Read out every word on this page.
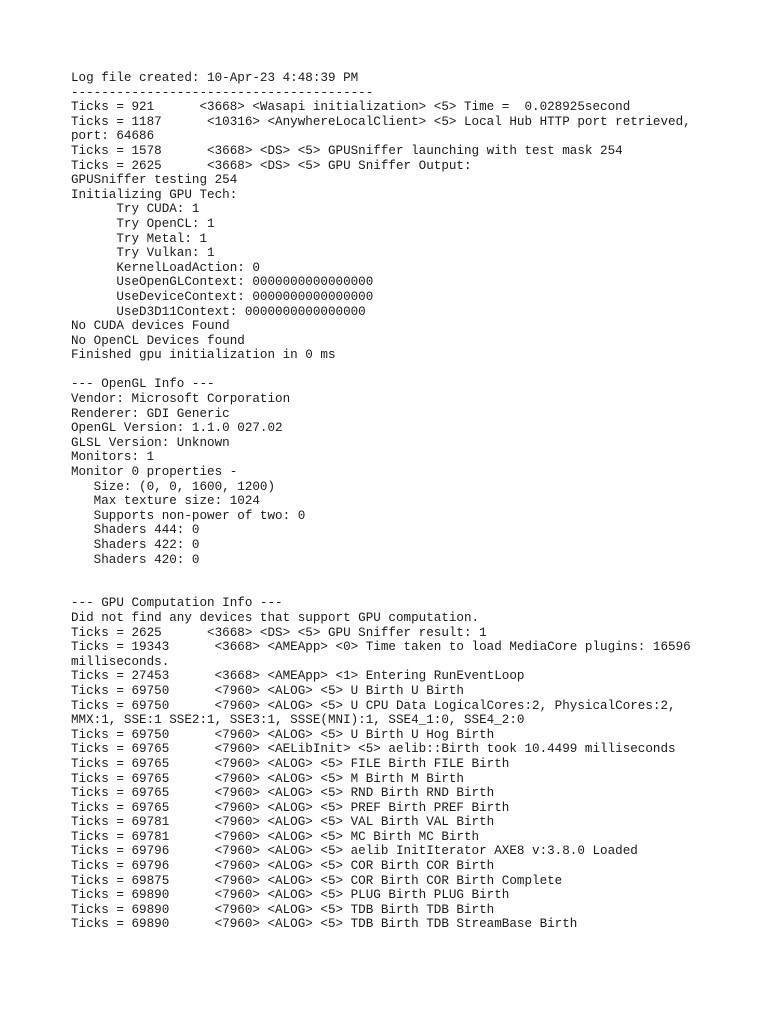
Log file created: 10-Apr-23 4:48:39 PM
----------------------------------------
Ticks = 921      <3668> <Wasapi initialization> <5> Time =  0.028925second
Ticks = 1187      <10316> <AnywhereLocalClient> <5> Local Hub HTTP port retrieved,
port: 64686
Ticks = 1578      <3668> <DS> <5> GPUSniffer launching with test mask 254
Ticks = 2625      <3668> <DS> <5> GPU Sniffer Output:
GPUSniffer testing 254
Initializing GPU Tech:
Try CUDA: 1
Try OpenCL: 1
Try Metal: 1
Try Vulkan: 1
KernelLoadAction: 0
UseOpenGLContext: 0000000000000000
UseDeviceContext: 0000000000000000
UseD3D11Context: 0000000000000000
No CUDA devices Found
No OpenCL Devices found
Finished gpu initialization in 0 ms
--- OpenGL Info ---
Vendor: Microsoft Corporation
Renderer: GDI Generic
OpenGL Version: 1.1.0 027.02
GLSL Version: Unknown
Monitors: 1
Monitor 0 properties -
Size: (0, 0, 1600, 1200)
Max texture size: 1024
Supports non-power of two: 0
Shaders 444: 0
Shaders 422: 0
Shaders 420: 0
--- GPU Computation Info ---
Did not find any devices that support GPU computation.
Ticks = 2625      <3668> <DS> <5> GPU Sniffer result: 1
Ticks = 19343      <3668> <AMEApp> <0> Time taken to load MediaCore plugins: 16596
milliseconds.
Ticks = 27453      <3668> <AMEApp> <1> Entering RunEventLoop
Ticks = 69750      <7960> <ALOG> <5> U Birth U Birth
Ticks = 69750      <7960> <ALOG> <5> U CPU Data LogicalCores:2, PhysicalCores:2,
MMX:1, SSE:1 SSE2:1, SSE3:1, SSSE(MNI):1, SSE4_1:0, SSE4_2:0
Ticks = 69750      <7960> <ALOG> <5> U Birth U Hog Birth
Ticks = 69765      <7960> <AELibInit> <5> aelib::Birth took 10.4499 milliseconds
Ticks = 69765      <7960> <ALOG> <5> FILE Birth FILE Birth
Ticks = 69765      <7960> <ALOG> <5> M Birth M Birth
Ticks = 69765      <7960> <ALOG> <5> RND Birth RND Birth
Ticks = 69765      <7960> <ALOG> <5> PREF Birth PREF Birth
Ticks = 69781      <7960> <ALOG> <5> VAL Birth VAL Birth
Ticks = 69781      <7960> <ALOG> <5> MC Birth MC Birth
Ticks = 69796      <7960> <ALOG> <5> aelib InitIterator AXE8 v:3.8.0 Loaded
Ticks = 69796      <7960> <ALOG> <5> COR Birth COR Birth
Ticks = 69875      <7960> <ALOG> <5> COR Birth COR Birth Complete
Ticks = 69890      <7960> <ALOG> <5> PLUG Birth PLUG Birth
Ticks = 69890      <7960> <ALOG> <5> TDB Birth TDB Birth
Ticks = 69890      <7960> <ALOG> <5> TDB Birth TDB StreamBase Birth
